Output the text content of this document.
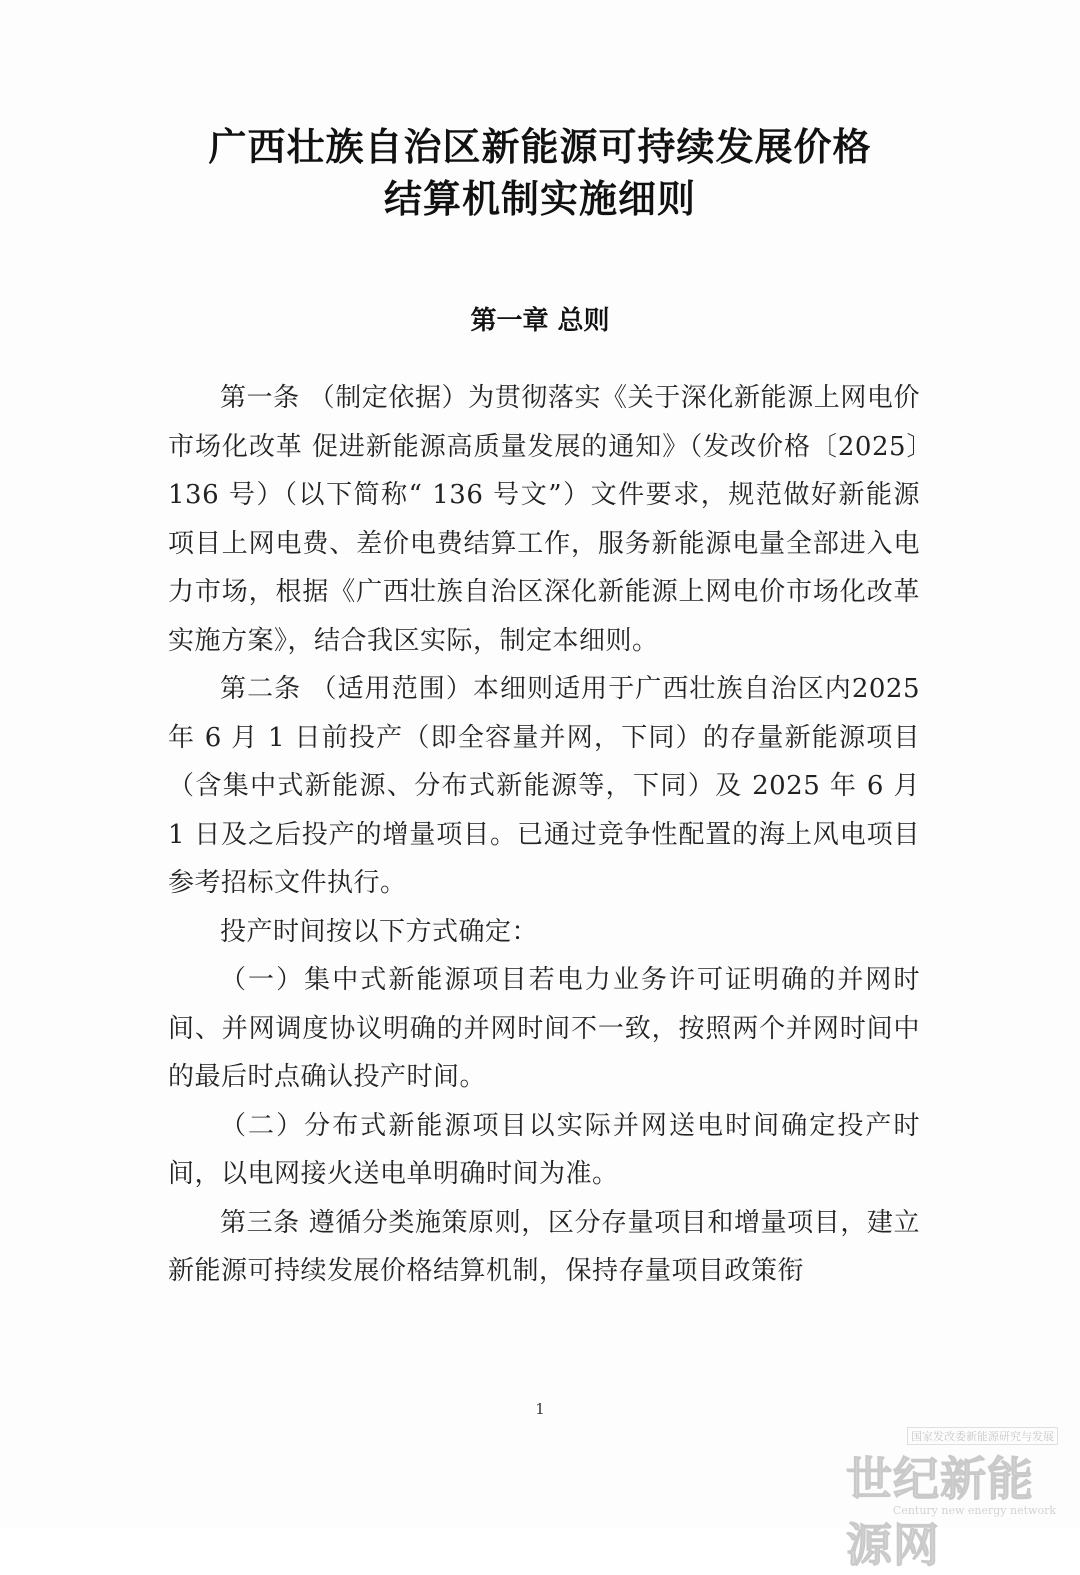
广西壮族自治区新能源可持续发展价格
结算机制实施细则
第一章 总则

第一条 （制定依据）为贯彻落实《关于深化新能源上网电价市场化改革 促进新能源高质量发展的通知》（发改价格〔2025〕136 号）（以下简称“ 136 号文”）文件要求，规范做好新能源项目上网电费、差价电费结算工作，服务新能源电量全部进入电力市场，根据《广西壮族自治区深化新能源上网电价市场化改革实施方案》，结合我区实际，制定本细则。

第二条 （适用范围）本细则适用于广西壮族自治区内2025 年 6 月 1 日前投产（即全容量并网，下同）的存量新能源项目（含集中式新能源、分布式新能源等，下同）及 2025 年 6 月 1 日及之后投产的增量项目。已通过竞争性配置的海上风电项目参考招标文件执行。

投产时间按以下方式确定：

（一）集中式新能源项目若电力业务许可证明确的并网时间、并网调度协议明确的并网时间不一致，按照两个并网时间中的最后时点确认投产时间。

（二）分布式新能源项目以实际并网送电时间确定投产时间，以电网接火送电单明确时间为准。

第三条 遵循分类施策原则，区分存量项目和增量项目，建立新能源可持续发展价格结算机制，保持存量项目政策衔

1
国家发改委新能源研究与发展
世纪新能源网
Century new energy network
